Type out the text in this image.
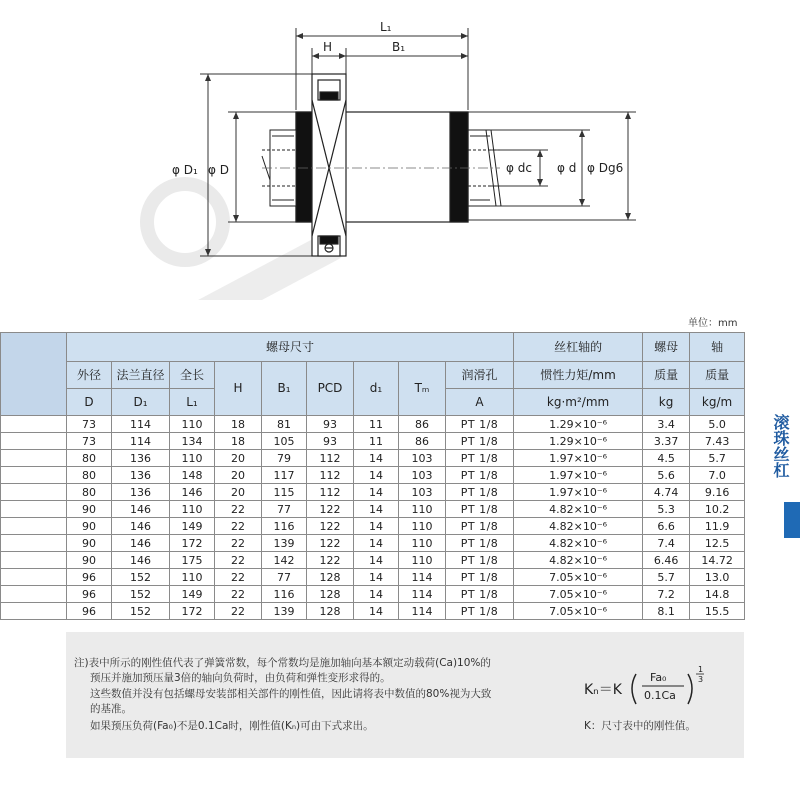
L₁
H	B₁
φ D₁ φ D	φ dc φ d φ Dg6
单位：mm
	螺母尺寸									丝杠轴的	螺母	轴
	外径	法兰直径	全长	H	B₁	PCD	d₁	Tₘ	润滑孔	惯性力矩/mm	质量	质量
	D	D₁	L₁						A	kg·m²/mm	kg	kg/m
	73	114	110	18	81	93	11	86	PT 1/8	1.29×10⁻⁶	3.4	5.0
	73	114	134	18	105	93	11	86	PT 1/8	1.29×10⁻⁶	3.37	7.43
	80	136	110	20	79	112	14	103	PT 1/8	1.97×10⁻⁶	4.5	5.7
	80	136	148	20	117	112	14	103	PT 1/8	1.97×10⁻⁶	5.6	7.0
	80	136	146	20	115	112	14	103	PT 1/8	1.97×10⁻⁶	4.74	9.16
	90	146	110	22	77	122	14	110	PT 1/8	4.82×10⁻⁶	5.3	10.2
	90	146	149	22	116	122	14	110	PT 1/8	4.82×10⁻⁶	6.6	11.9
	90	146	172	22	139	122	14	110	PT 1/8	4.82×10⁻⁶	7.4	12.5
	90	146	175	22	142	122	14	110	PT 1/8	4.82×10⁻⁶	6.46	14.72
	96	152	110	22	77	128	14	114	PT 1/8	7.05×10⁻⁶	5.7	13.0
	96	152	149	22	116	128	14	114	PT 1/8	7.05×10⁻⁶	7.2	14.8
	96	152	172	22	139	128	14	114	PT 1/8	7.05×10⁻⁶	8.1	15.5
滚珠丝杠

注)表中所示的刚性值代表了弹簧常数，每个常数均是施加轴向基本额定动载荷(Ca)10%的

预压并施加预压量3倍的轴向负荷时，由负荷和弹性变形求得的。

这些数值并没有包括螺母安装部相关部件的刚性值，因此请将表中数值的80%视为大致

的基准。

如果预压负荷(Fa₀)不是0.1Ca时，刚性值(Kₙ)可由下式求出。

Kₙ＝K
Fa₀
0.1Ca
1
3
K：尺寸表中的刚性值。
